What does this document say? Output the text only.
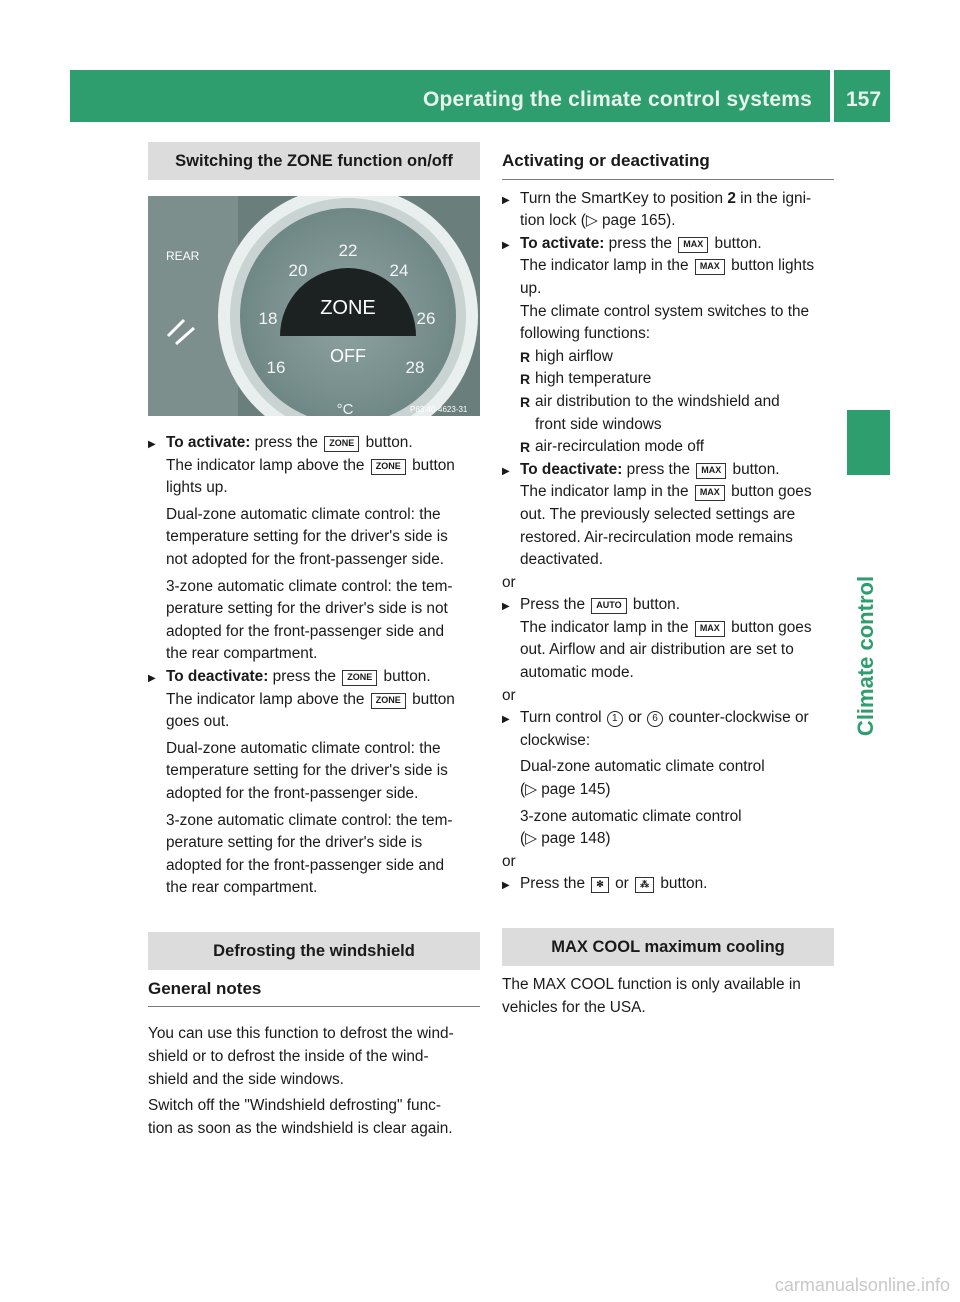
Operating the climate control systems 157
Climate control
Switching the ZONE function on/off
ZONE
OFF
22
20	24
18	26
16	28
°C
REAR
P83.40-4623-31
▶
To activate: press the ZONE button.
The indicator lamp above the ZONE button
lights up.
Dual-zone automatic climate control: the
temperature setting for the driver's side is
not adopted for the front-passenger side.
3-zone automatic climate control: the tem-
perature setting for the driver's side is not
adopted for the front-passenger side and
the rear compartment.
▶
To deactivate: press the ZONE button.
The indicator lamp above the ZONE button
goes out.
Dual-zone automatic climate control: the
temperature setting for the driver's side is
adopted for the front-passenger side.
3-zone automatic climate control: the tem-
perature setting for the driver's side is
adopted for the front-passenger side and
the rear compartment.
Defrosting the windshield
General notes
You can use this function to defrost the wind-
shield or to defrost the inside of the wind-
shield and the side windows.
Switch off the "Windshield defrosting" func-
tion as soon as the windshield is clear again.
Activating or deactivating
▶
Turn the SmartKey to position 2 in the igni-
tion lock (▷ page 165).
▶
To activate: press the MAX button.
The indicator lamp in the MAX button lights
up.
The climate control system switches to the
following functions:
R high airflow
R high temperature
R air distribution to the windshield and
front side windows
R air-recirculation mode off
▶
To deactivate: press the MAX button.
The indicator lamp in the MAX button goes
out. The previously selected settings are
restored. Air-recirculation mode remains
deactivated.
or
▶
Press the AUTO button.
The indicator lamp in the MAX button goes
out. Airflow and air distribution are set to
automatic mode.
or
▶
Turn control 1 or 6 counter-clockwise or
clockwise:
Dual-zone automatic climate control
(▷ page 145)
3-zone automatic climate control
(▷ page 148)
or
▶
Press the ✻ or ⁂ button.
MAX COOL maximum cooling
The MAX COOL function is only available in
vehicles for the USA.
carmanualsonline.info
